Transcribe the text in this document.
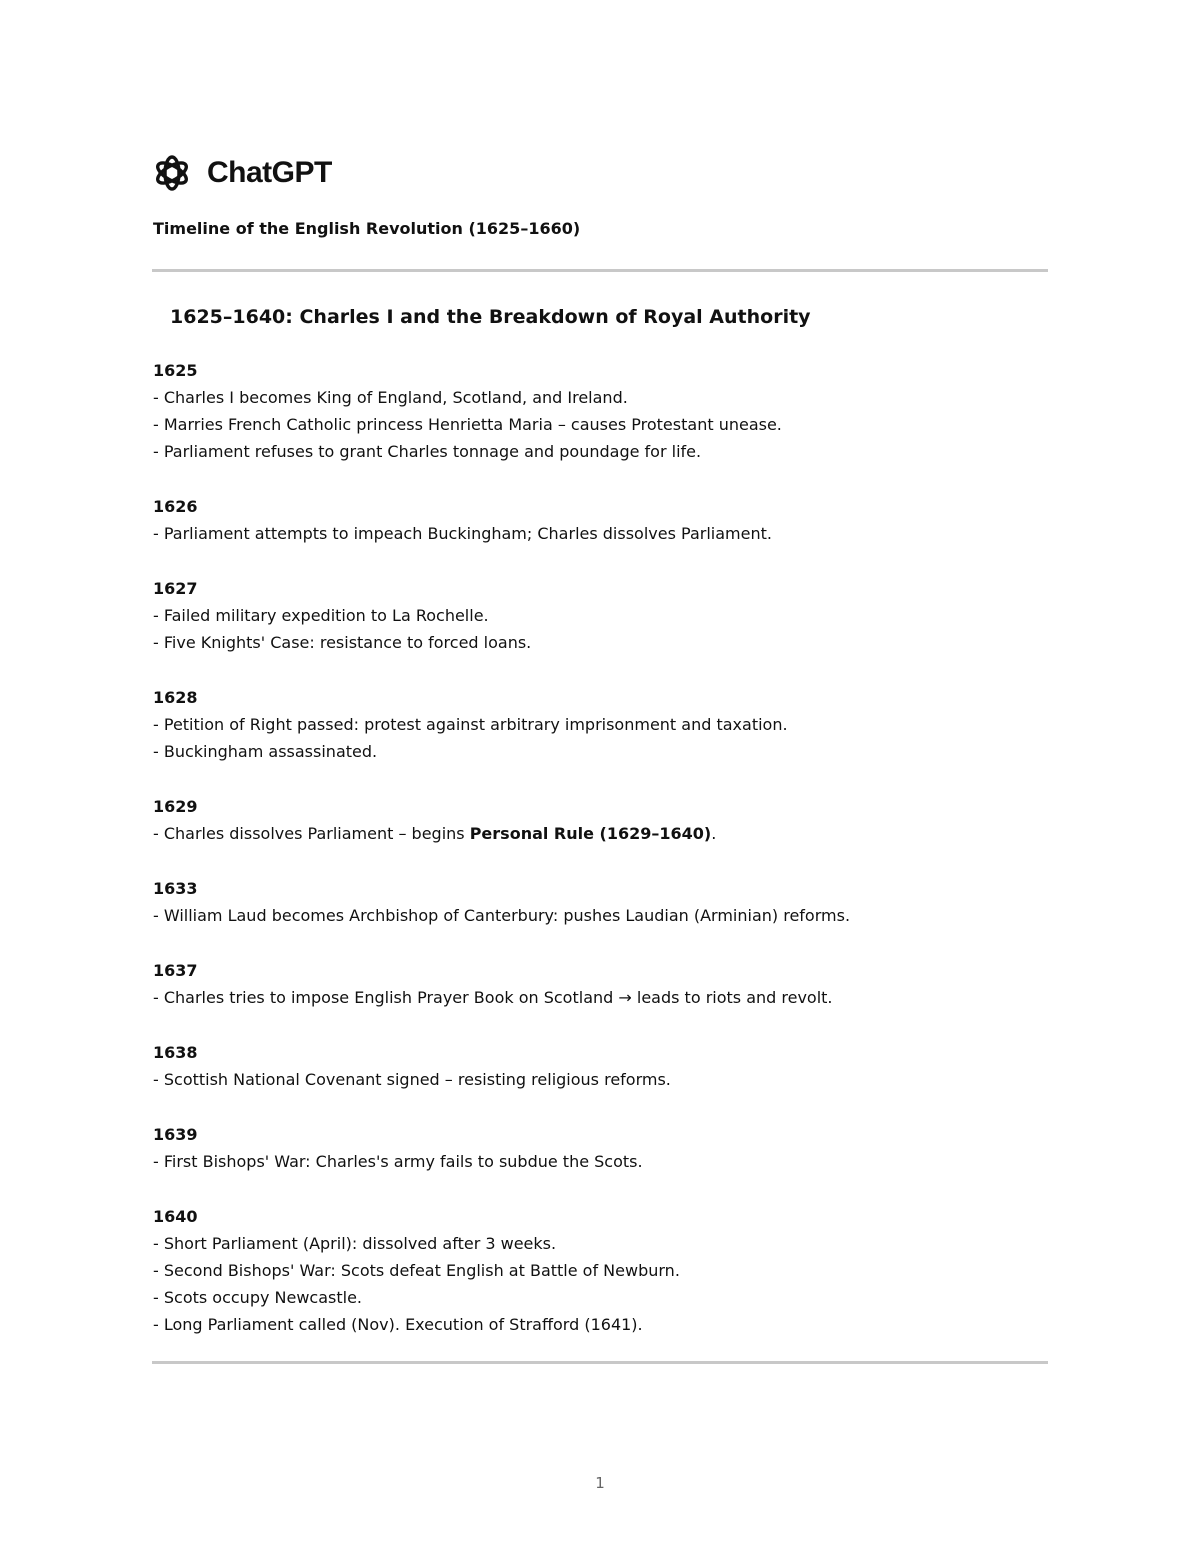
ChatGPT
Timeline of the English Revolution (1625–1660)
1625–1640: Charles I and the Breakdown of Royal Authority
1625
- Charles I becomes King of England, Scotland, and Ireland.
- Marries French Catholic princess Henrietta Maria – causes Protestant unease.
- Parliament refuses to grant Charles tonnage and poundage for life.
1626
- Parliament attempts to impeach Buckingham; Charles dissolves Parliament.
1627
- Failed military expedition to La Rochelle.
- Five Knights' Case: resistance to forced loans.
1628
- Petition of Right passed: protest against arbitrary imprisonment and taxation.
- Buckingham assassinated.
1629
- Charles dissolves Parliament – begins Personal Rule (1629–1640).
1633
- William Laud becomes Archbishop of Canterbury: pushes Laudian (Arminian) reforms.
1637
- Charles tries to impose English Prayer Book on Scotland → leads to riots and revolt.
1638
- Scottish National Covenant signed – resisting religious reforms.
1639
- First Bishops' War: Charles's army fails to subdue the Scots.
1640
- Short Parliament (April): dissolved after 3 weeks.
- Second Bishops' War: Scots defeat English at Battle of Newburn.
- Scots occupy Newcastle.
- Long Parliament called (Nov). Execution of Strafford (1641).
1
